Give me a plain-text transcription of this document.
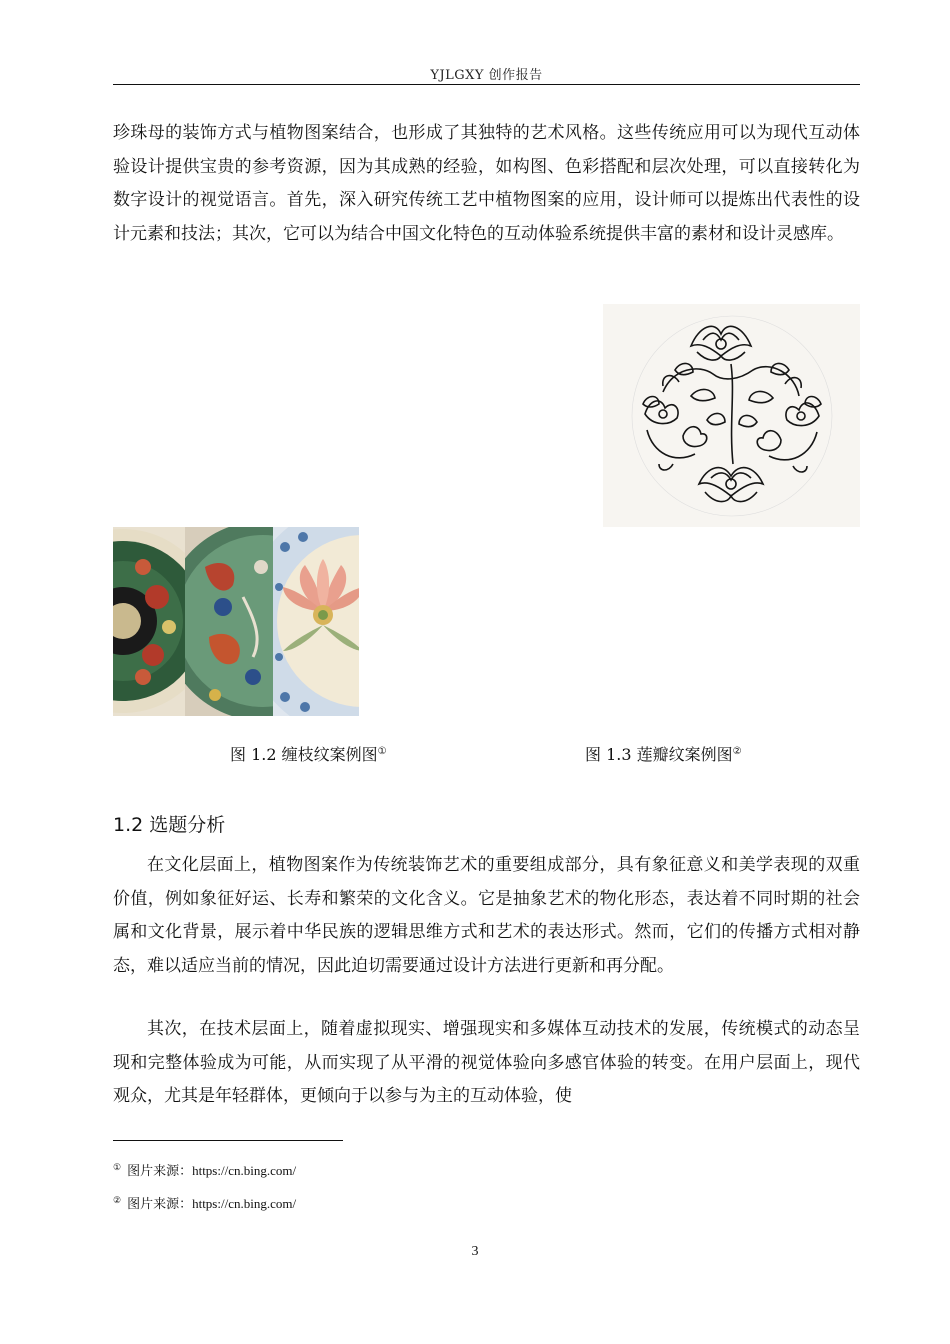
YJLGXY 创作报告
珍珠母的装饰方式与植物图案结合，也形成了其独特的艺术风格。这些传统应用可以为现代互动体验设计提供宝贵的参考资源，因为其成熟的经验，如构图、色彩搭配和层次处理，可以直接转化为数字设计的视觉语言。首先，深入研究传统工艺中植物图案的应用，设计师可以提炼出代表性的设计元素和技法；其次，它可以为结合中国文化特色的互动体验系统提供丰富的素材和设计灵感库。
图 1.2 缠枝纹案例图①	图 1.3 莲瓣纹案例图②
1.2 选题分析
在文化层面上，植物图案作为传统装饰艺术的重要组成部分，具有象征意义和美学表现的双重价值，例如象征好运、长寿和繁荣的文化含义。它是抽象艺术的物化形态，表达着不同时期的社会属和文化背景，展示着中华民族的逻辑思维方式和艺术的表达形式。然而，它们的传播方式相对静态，难以适应当前的情况，因此迫切需要通过设计方法进行更新和再分配。
其次，在技术层面上，随着虚拟现实、增强现实和多媒体互动技术的发展，传统模式的动态呈现和完整体验成为可能，从而实现了从平滑的视觉体验向多感官体验的转变。在用户层面上，现代观众，尤其是年轻群体，更倾向于以参与为主的互动体验，使
① 图片来源：https://cn.bing.com/
② 图片来源：https://cn.bing.com/
3
